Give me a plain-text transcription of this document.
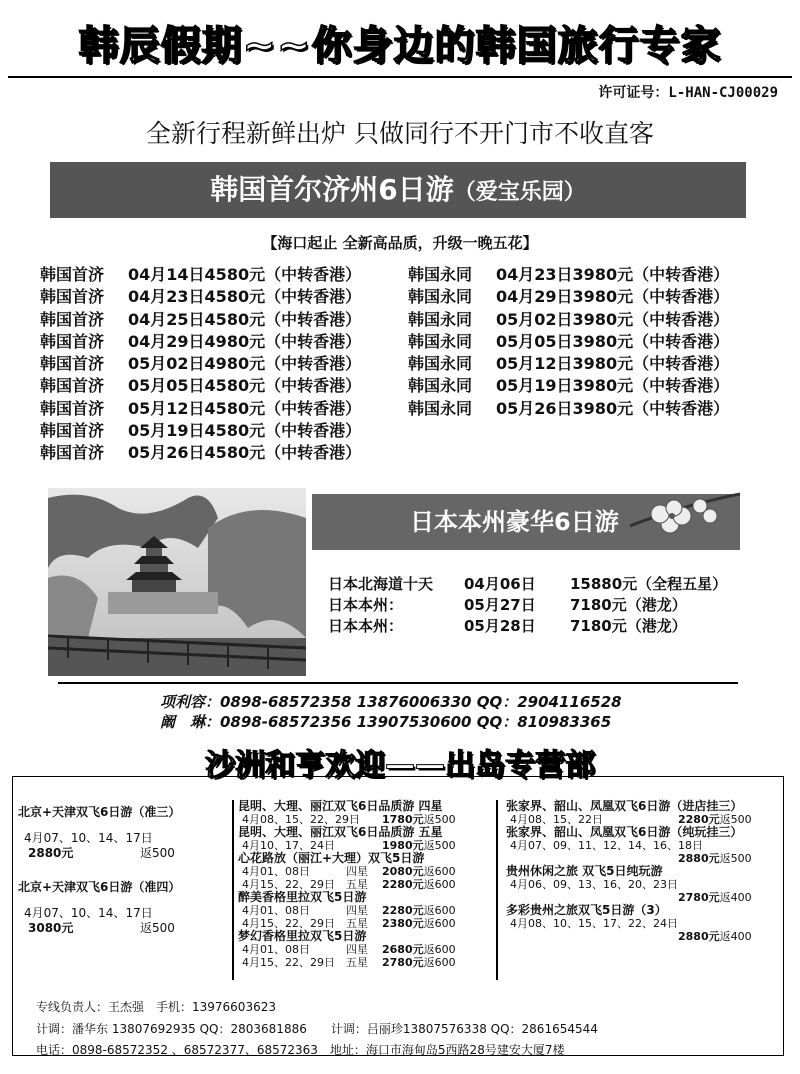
韩辰假期~~你身边的韩国旅行专家
许可证号：L-HAN-CJ00029
全新行程新鲜出炉 只做同行不开门市不收直客
韩国首尔济州6日游（爱宝乐园）
【海口起止 全新高品质，升级一晚五花】
韩国首济04月14日4580元（中转香港）
韩国首济04月23日4580元（中转香港）
韩国首济04月25日4580元（中转香港）
韩国首济04月29日4980元（中转香港）
韩国首济05月02日4980元（中转香港）
韩国首济05月05日4580元（中转香港）
韩国首济05月12日4580元（中转香港）
韩国首济05月19日4580元（中转香港）
韩国首济05月26日4580元（中转香港）
韩国永同04月23日3980元（中转香港）
韩国永同04月29日3980元（中转香港）
韩国永同05月02日3980元（中转香港）
韩国永同05月05日3980元（中转香港）
韩国永同05月12日3980元（中转香港）
韩国永同05月19日3980元（中转香港）
韩国永同05月26日3980元（中转香港）
日本本州豪华6日游
日本北海道十天 04月06日 15880元（全程五星）
日本本州：	05月27日 7180元（港龙）
日本本州：	05月28日 7180元（港龙）
项利容：0898-68572358 13876006330 QQ：2904116528
阚　琳：0898-68572356 13907530600 QQ：810983365
沙洲和亨欢迎——出岛专营部
北京+天津双飞6日游（准三）
4月07、10、14、17日
2880元	返500
北京+天津双飞6日游（准四）
4月07、10、14、17日
3080元	返500
昆明、大理、丽江双飞6日品质游 四星
4月08、15、22、29日 1780元返500
昆明、大理、丽江双飞6日品质游 五星
4月10、17、24日	1980元返500
心花路放（丽江+大理）双飞5日游
4月01、08日	四星 2080元返600
4月15、22、29日 五星 2280元返600
醉美香格里拉双飞5日游
4月01、08日	四星 2280元返600
4月15、22、29日 五星 2380元返600
梦幻香格里拉双飞5日游
4月01、08日	四星 2680元返600
4月15、22、29日 五星 2780元返600
张家界、韶山、凤凰双飞6日游（进店挂三）
4月08、15、22日	2280元返500
张家界、韶山、凤凰双飞6日游（纯玩挂三）
4月07、09、11、12、14、16、18日
2880元返500
贵州休闲之旅 双飞5日纯玩游
4月06、09、13、16、20、23日
2780元返400
多彩贵州之旅双飞5日游（3）
4月08、10、15、17、22、24日
2880元返400
专线负责人：王杰强　手机：13976603623
计调：潘华东 13807692935 QQ：2803681886　　计调：吕丽珍13807576338 QQ：2861654544
电话：0898-68572352 、68572377、68572363　地址：海口市海甸岛5西路28号建安大厦7楼
